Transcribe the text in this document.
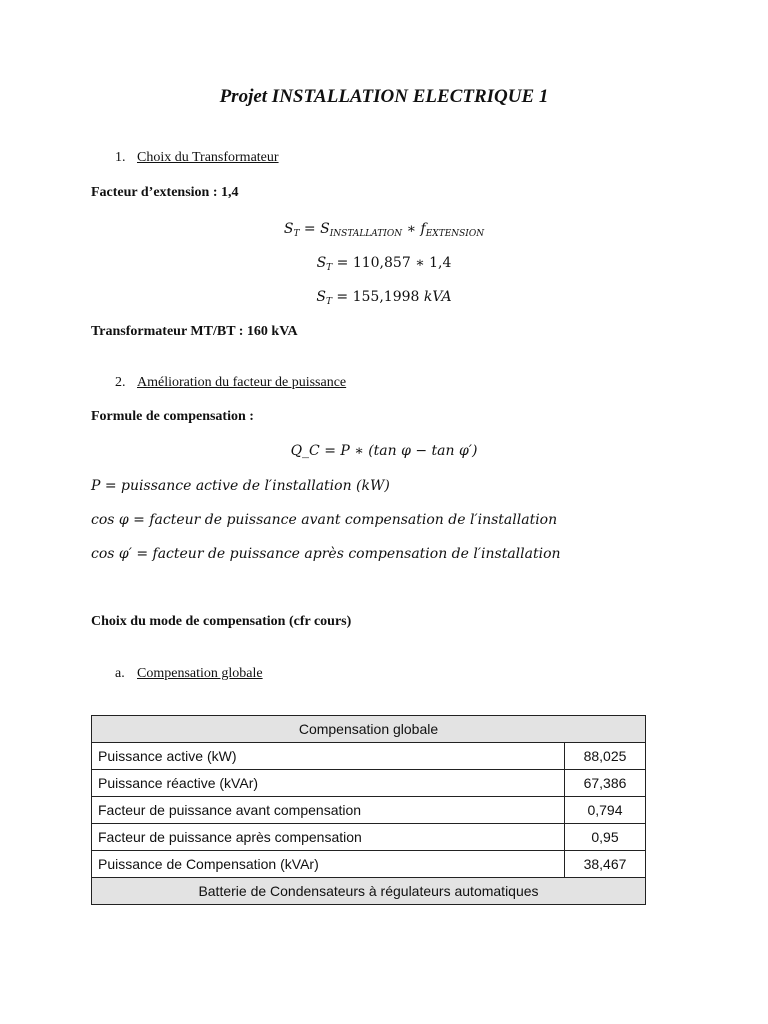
Projet INSTALLATION ELECTRIQUE 1
1. Choix du Transformateur
Facteur d’extension : 1,4
$S_T = S_{INSTALLATION}$ ∗ $f_{EXTENSION}$
$S_T = 110,857$ ∗ 1,4
$S_T = 155,1998$ kVA
Transformateur MT/BT : 160 kVA
2. Amélioration du facteur de puissance
Formule de compensation :
Q_C = P ∗ (tan φ − tan φ′)
P = puissance active de l′installation (kW)
cos φ = facteur de puissance avant compensation de l′installation
cos φ′ = facteur de puissance après compensation de l′installation
Choix du mode de compensation (cfr cours)
a. Compensation globale
Compensation globale	
Puissance active (kW)	88,025
Puissance réactive (kVAr)	67,386
Facteur de puissance avant compensation	0,794
Facteur de puissance après compensation	0,95
Puissance de Compensation (kVAr)	38,467
Batterie de Condensateurs à régulateurs automatiques	
